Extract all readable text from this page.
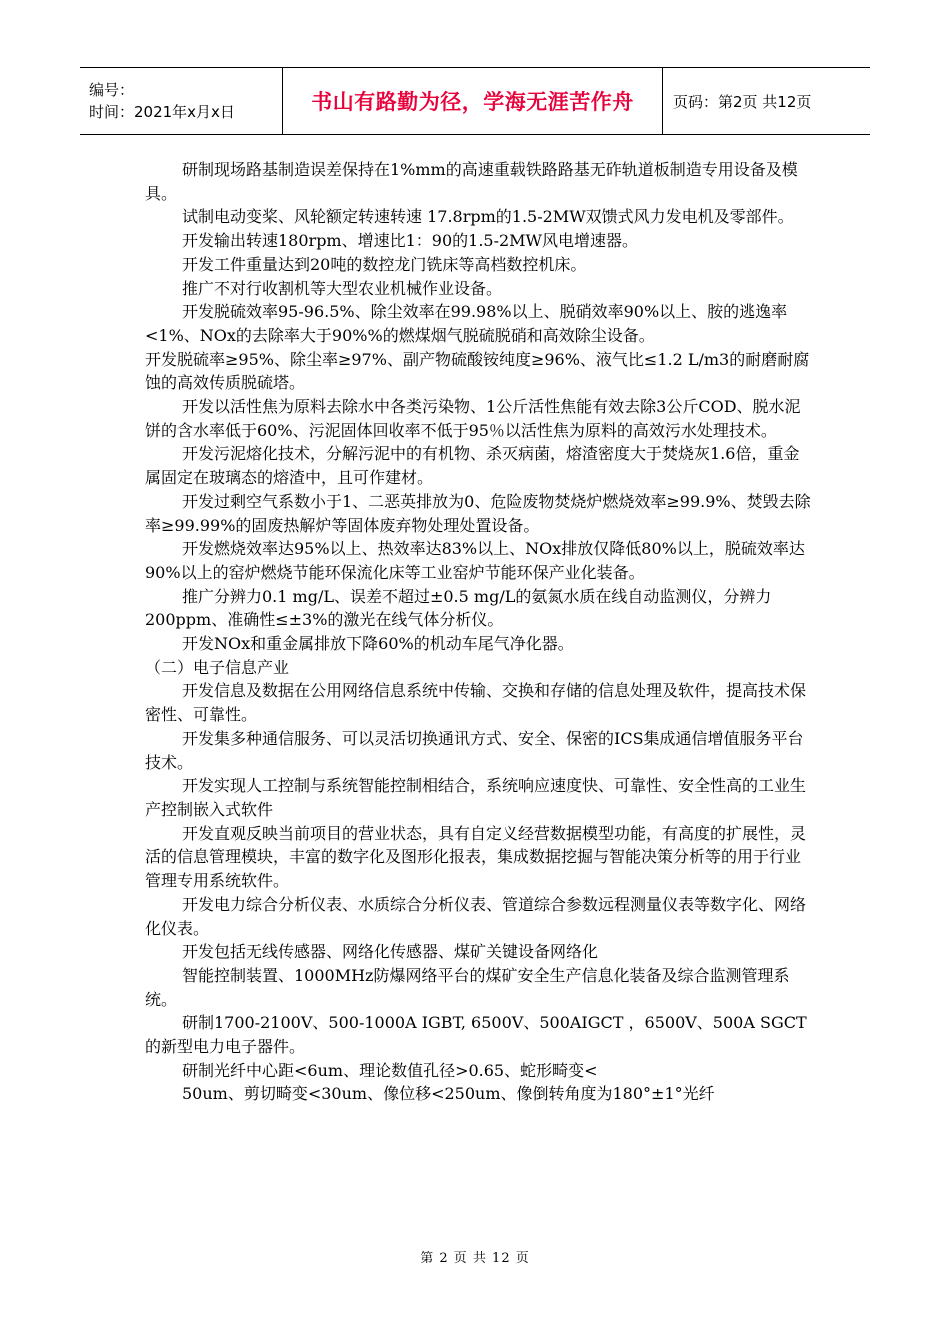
编号：
时间：2021年x月x日	书山有路勤为径，学海无涯苦作舟	页码：第2页 共12页

研制现场路基制造误差保持在1%mm的高速重载铁路路基无砟轨道板制造专用设备及模具。

试制电动变桨、风轮额定转速转速 17.8rpm的1.5-2MW双馈式风力发电机及零部件。

开发输出转速180rpm、增速比1：90的1.5-2MW风电增速器。

开发工件重量达到20吨的数控龙门铣床等高档数控机床。

推广不对行收割机等大型农业机械作业设备。

开发脱硫效率95-96.5%、除尘效率在99.98%以上、脱硝效率90%以上、胺的逃逸率<1%、NOx的去除率大于90%%的燃煤烟气脱硫脱硝和高效除尘设备。

开发脱硫率≥95%、除尘率≥97%、副产物硫酸铵纯度≥96%、液气比≤1.2 L/m3的耐磨耐腐蚀的高效传质脱硫塔。

开发以活性焦为原料去除水中各类污染物、1公斤活性焦能有效去除3公斤COD、脱水泥饼的含水率低于60%、污泥固体回收率不低于95％以活性焦为原料的高效污水处理技术。

开发污泥熔化技术，分解污泥中的有机物、杀灭病菌，熔渣密度大于焚烧灰1.6倍，重金属固定在玻璃态的熔渣中，且可作建材。

开发过剩空气系数小于1、二恶英排放为0、危险废物焚烧炉燃烧效率≥99.9%、焚毁去除率≥99.99%的固废热解炉等固体废弃物处理处置设备。

开发燃烧效率达95%以上、热效率达83%以上、NOx排放仅降低80%以上，脱硫效率达90%以上的窑炉燃烧节能环保流化床等工业窑炉节能环保产业化装备。

推广分辨力0.1 mg/L、误差不超过±0.5 mg/L的氨氮水质在线自动监测仪，分辨力200ppm、准确性≤±3%的激光在线气体分析仪。

开发NOx和重金属排放下降60%的机动车尾气净化器。

（二）电子信息产业

开发信息及数据在公用网络信息系统中传输、交换和存储的信息处理及软件，提高技术保密性、可靠性。

开发集多种通信服务、可以灵活切换通讯方式、安全、保密的ICS集成通信增值服务平台技术。

开发实现人工控制与系统智能控制相结合，系统响应速度快、可靠性、安全性高的工业生产控制嵌入式软件

开发直观反映当前项目的营业状态，具有自定义经营数据模型功能，有高度的扩展性，灵活的信息管理模块，丰富的数字化及图形化报表，集成数据挖掘与智能决策分析等的用于行业管理专用系统软件。

开发电力综合分析仪表、水质综合分析仪表、管道综合参数远程测量仪表等数字化、网络化仪表。

开发包括无线传感器、网络化传感器、煤矿关键设备网络化

智能控制装置、1000MHz防爆网络平台的煤矿安全生产信息化装备及综合监测管理系统。

研制1700-2100V、500-1000A IGBT, 6500V、500AIGCT ，6500V、500A SGCT的新型电力电子器件。

研制光纤中心距<6um、理论数值孔径>0.65、蛇形畸变<

50um、剪切畸变<30um、像位移<250um、像倒转角度为180°±1°光纤

第 2 页 共 12 页
